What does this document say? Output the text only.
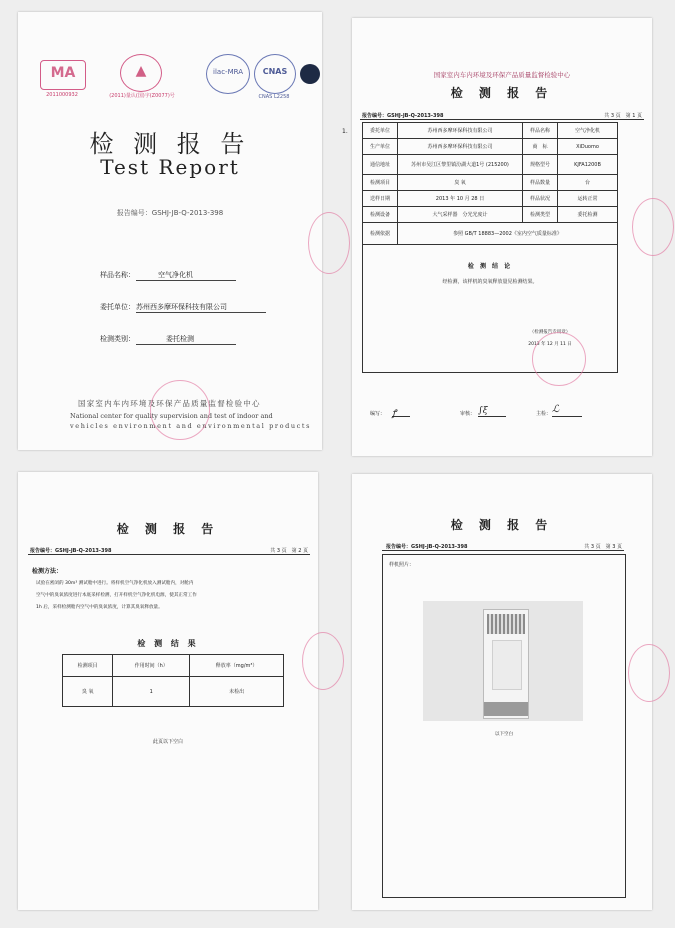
MA
2011000932
▲
(2011)量认(国)字(Z0077)号
ilac-MRA	CNAS
CNAS L2258
检 测 报 告
Test Report
报告编号：GSHJ-JB-Q-2013-398
样品名称：	空气净化机
委托单位： 苏州西多摩环保科技有限公司
检测类别：	委托检测
国家室内车内环境及环保产品质量监督检验中心
National center for quality supervision and test of indoor and
vehicles environment and environmental products
国家室内车内环境及环保产品质量监督检验中心
检 测 报 告
报告编号：GSHJ-JB-Q-2013-398	共 3 页　第 1 页
1.	委托单位	苏州西多摩环保科技有限公司	样品名称	空气净化机
生产单位	苏州西多摩环保科技有限公司	商　标	XiDuomo
通信地址	苏州市吴江区黎里镇汾湖大道1号 (215200)	规格型号	KJFA1200B
检测项目	臭 氧	样品数量	台
送样日期	2013 年 10 月 28 日	样品状况	运转正常
检测设备	大气采样器　分光光度计	检测类型	委托检测
检测依据	参照 GB/T 18883—2002《室内空气质量标准》		

检 测 结 论
经检测，该样机的臭氧释放量见检测结果。
（检测报告专用章）
2013 年 12 月 11 日			
编写： ꝭ	审核： ∫ξ	主检： ℒ
检 测 报 告
报告编号：GSHJ-JB-Q-2013-398	共 3 页　第 2 页
检测方法：
试验在密闭的 30m³ 测试舱中进行。将样机空气净化机放入测试舱内，对舱内
空气中的臭氧浓度进行本底采样检测，打开样机空气净化机电源，使其正常工作
1h 后，采样检测舱内空气中的臭氧浓度，计算其臭氧释放量。
检 测 结 果
检测项目	作用时间（h）	释放率（mg/m³）
臭 氧	1	未检出
此页以下空白
检 测 报 告
报告编号：GSHJ-JB-Q-2013-398	共 3 页　第 3 页
样机照片：
以下空白
